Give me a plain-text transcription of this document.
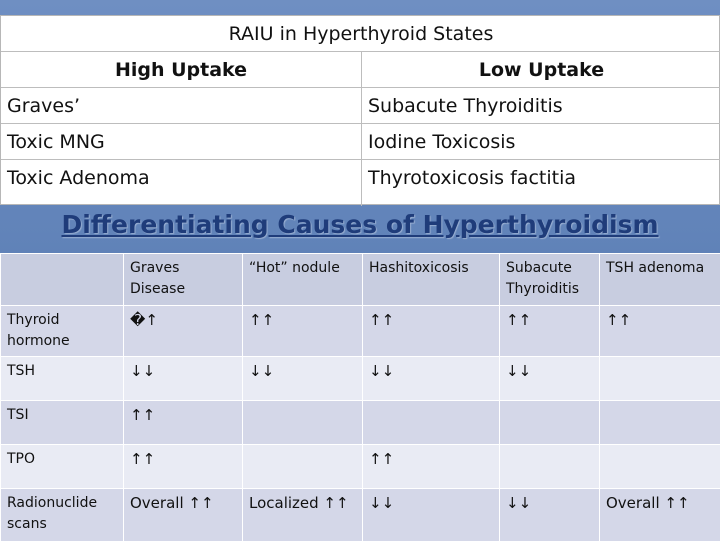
RAIU in Hyperthyroid States
High Uptake	Low Uptake
Graves’	Subacute Thyroiditis
Toxic MNG	Iodine Toxicosis
Toxic Adenoma	Thyrotoxicosis factitia
Differentiating Causes of Hyperthyroidism
	Graves Disease	“Hot” nodule	Hashitoxicosis	Subacute Thyroiditis	TSH adenoma
Thyroid hormone	�↑	↑↑	↑↑	↑↑	↑↑
TSH	↓↓	↓↓	↓↓	↓↓	
TSI	↑↑				
TPO	↑↑		↑↑		
Radionuclide scans	Overall ↑↑	Localized ↑↑	↓↓	↓↓	Overall ↑↑
